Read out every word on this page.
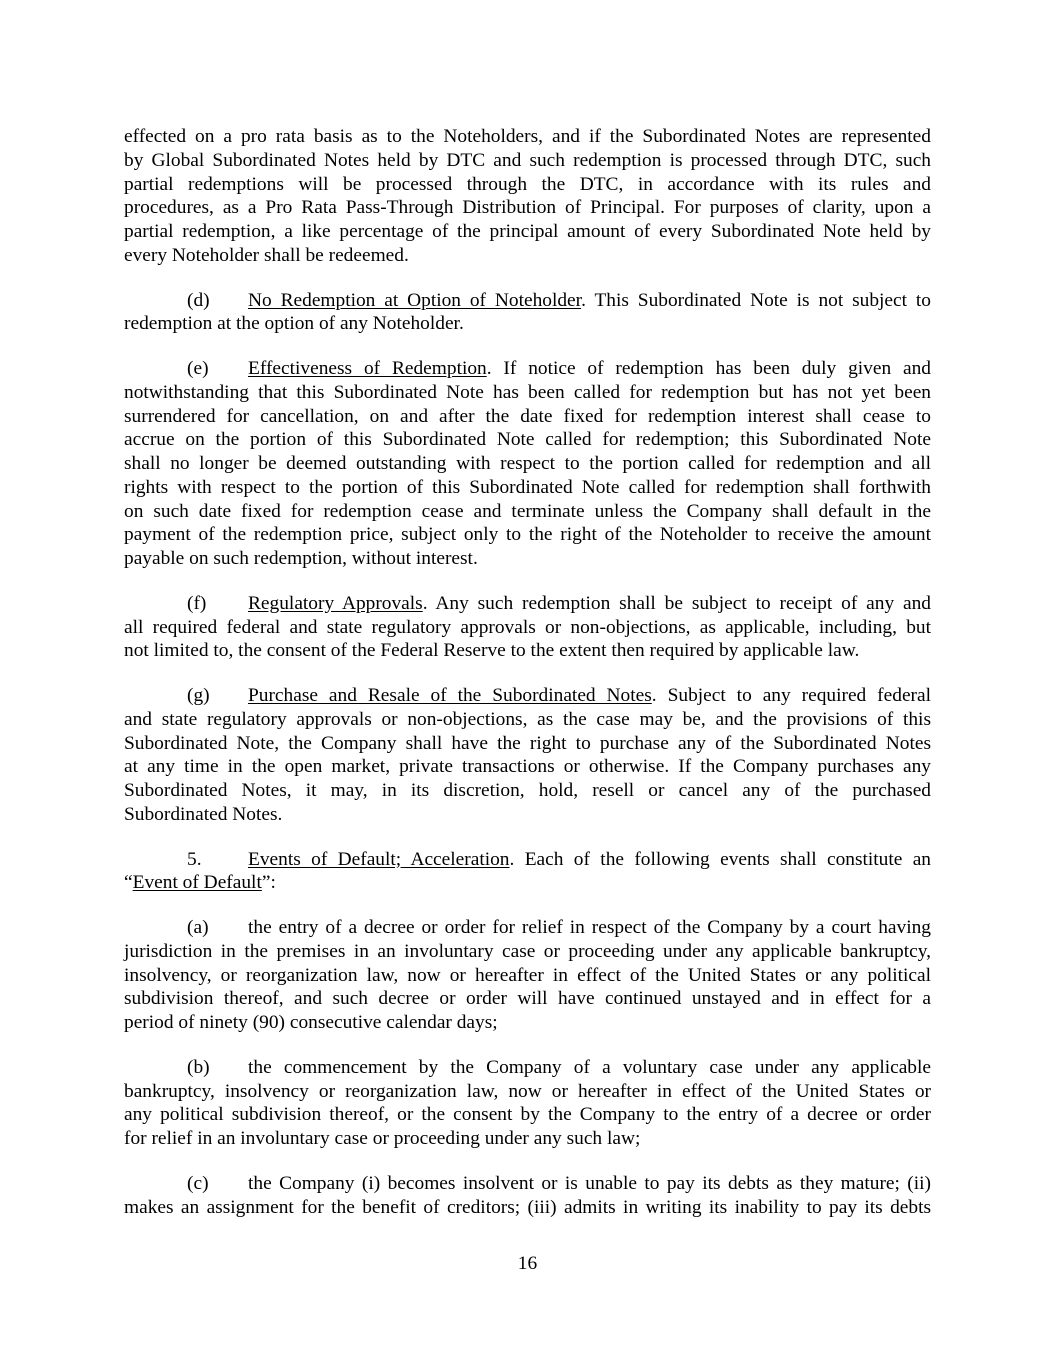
effected on a pro rata basis as to the Noteholders, and if the Subordinated Notes are represented
by Global Subordinated Notes held by DTC and such redemption is processed through DTC, such
partial redemptions will be processed through the DTC, in accordance with its rules and
procedures, as a Pro Rata Pass-Through Distribution of Principal. For purposes of clarity, upon a
partial redemption, a like percentage of the principal amount of every Subordinated Note held by
every Noteholder shall be redeemed.
(d) No Redemption at Option of Noteholder. This Subordinated Note is not subject to
redemption at the option of any Noteholder.
(e) Effectiveness of Redemption. If notice of redemption has been duly given and
notwithstanding that this Subordinated Note has been called for redemption but has not yet been
surrendered for cancellation, on and after the date fixed for redemption interest shall cease to
accrue on the portion of this Subordinated Note called for redemption; this Subordinated Note
shall no longer be deemed outstanding with respect to the portion called for redemption and all
rights with respect to the portion of this Subordinated Note called for redemption shall forthwith
on such date fixed for redemption cease and terminate unless the Company shall default in the
payment of the redemption price, subject only to the right of the Noteholder to receive the amount
payable on such redemption, without interest.
(f) Regulatory Approvals. Any such redemption shall be subject to receipt of any and
all required federal and state regulatory approvals or non-objections, as applicable, including, but
not limited to, the consent of the Federal Reserve to the extent then required by applicable law.
(g) Purchase and Resale of the Subordinated Notes. Subject to any required federal
and state regulatory approvals or non-objections, as the case may be, and the provisions of this
Subordinated Note, the Company shall have the right to purchase any of the Subordinated Notes
at any time in the open market, private transactions or otherwise. If the Company purchases any
Subordinated Notes, it may, in its discretion, hold, resell or cancel any of the purchased
Subordinated Notes.
5. Events of Default; Acceleration. Each of the following events shall constitute an
“Event of Default”:
(a) the entry of a decree or order for relief in respect of the Company by a court having
jurisdiction in the premises in an involuntary case or proceeding under any applicable bankruptcy,
insolvency, or reorganization law, now or hereafter in effect of the United States or any political
subdivision thereof, and such decree or order will have continued unstayed and in effect for a
period of ninety (90) consecutive calendar days;
(b) the commencement by the Company of a voluntary case under any applicable
bankruptcy, insolvency or reorganization law, now or hereafter in effect of the United States or
any political subdivision thereof, or the consent by the Company to the entry of a decree or order
for relief in an involuntary case or proceeding under any such law;
(c) the Company (i) becomes insolvent or is unable to pay its debts as they mature; (ii)
makes an assignment for the benefit of creditors; (iii) admits in writing its inability to pay its debts
16
